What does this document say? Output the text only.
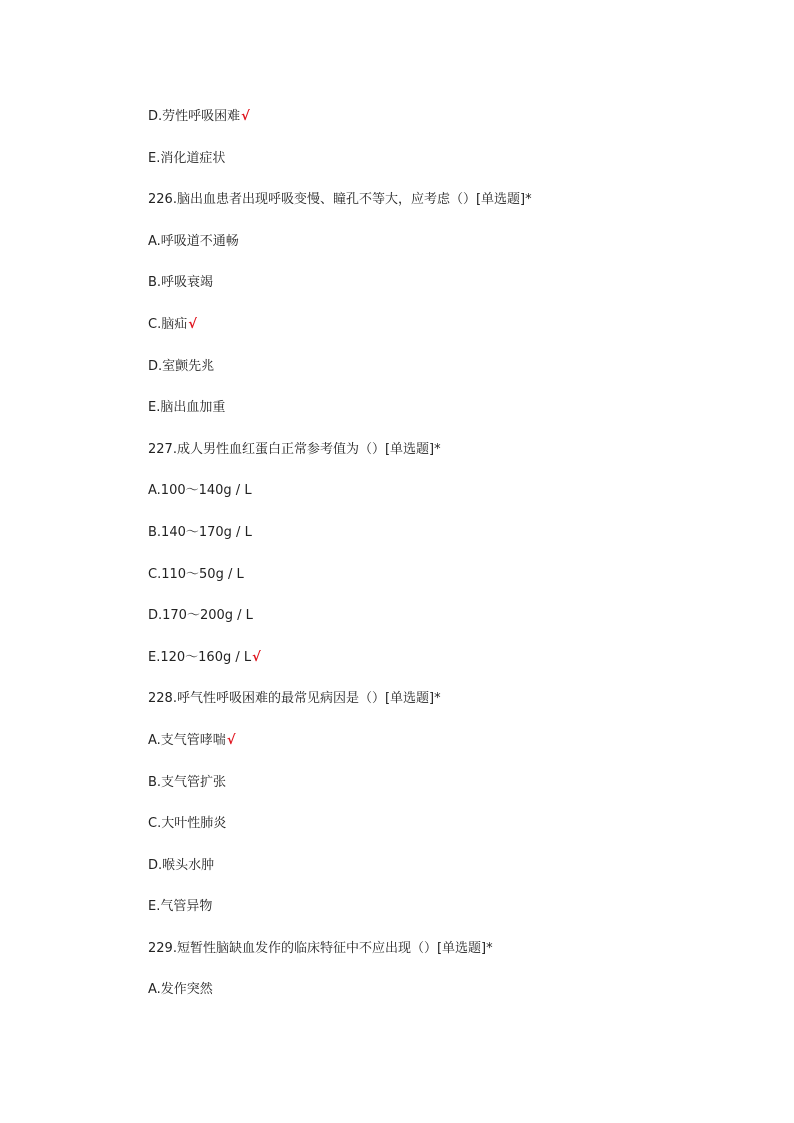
D.劳性呼吸困难√
E.消化道症状
226.脑出血患者出现呼吸变慢、瞳孔不等大，应考虑（）[单选题]*
A.呼吸道不通畅
B.呼吸衰竭
C.脑疝√
D.室颤先兆
E.脑出血加重
227.成人男性血红蛋白正常参考值为（）[单选题]*
A.100～140g / L
B.140～170g / L
C.110～50g / L
D.170～200g / L
E.120～160g / L√
228.呼气性呼吸困难的最常见病因是（）[单选题]*
A.支气管哮喘√
B.支气管扩张
C.大叶性肺炎
D.喉头水肿
E.气管异物
229.短暂性脑缺血发作的临床特征中不应出现（）[单选题]*
A.发作突然
